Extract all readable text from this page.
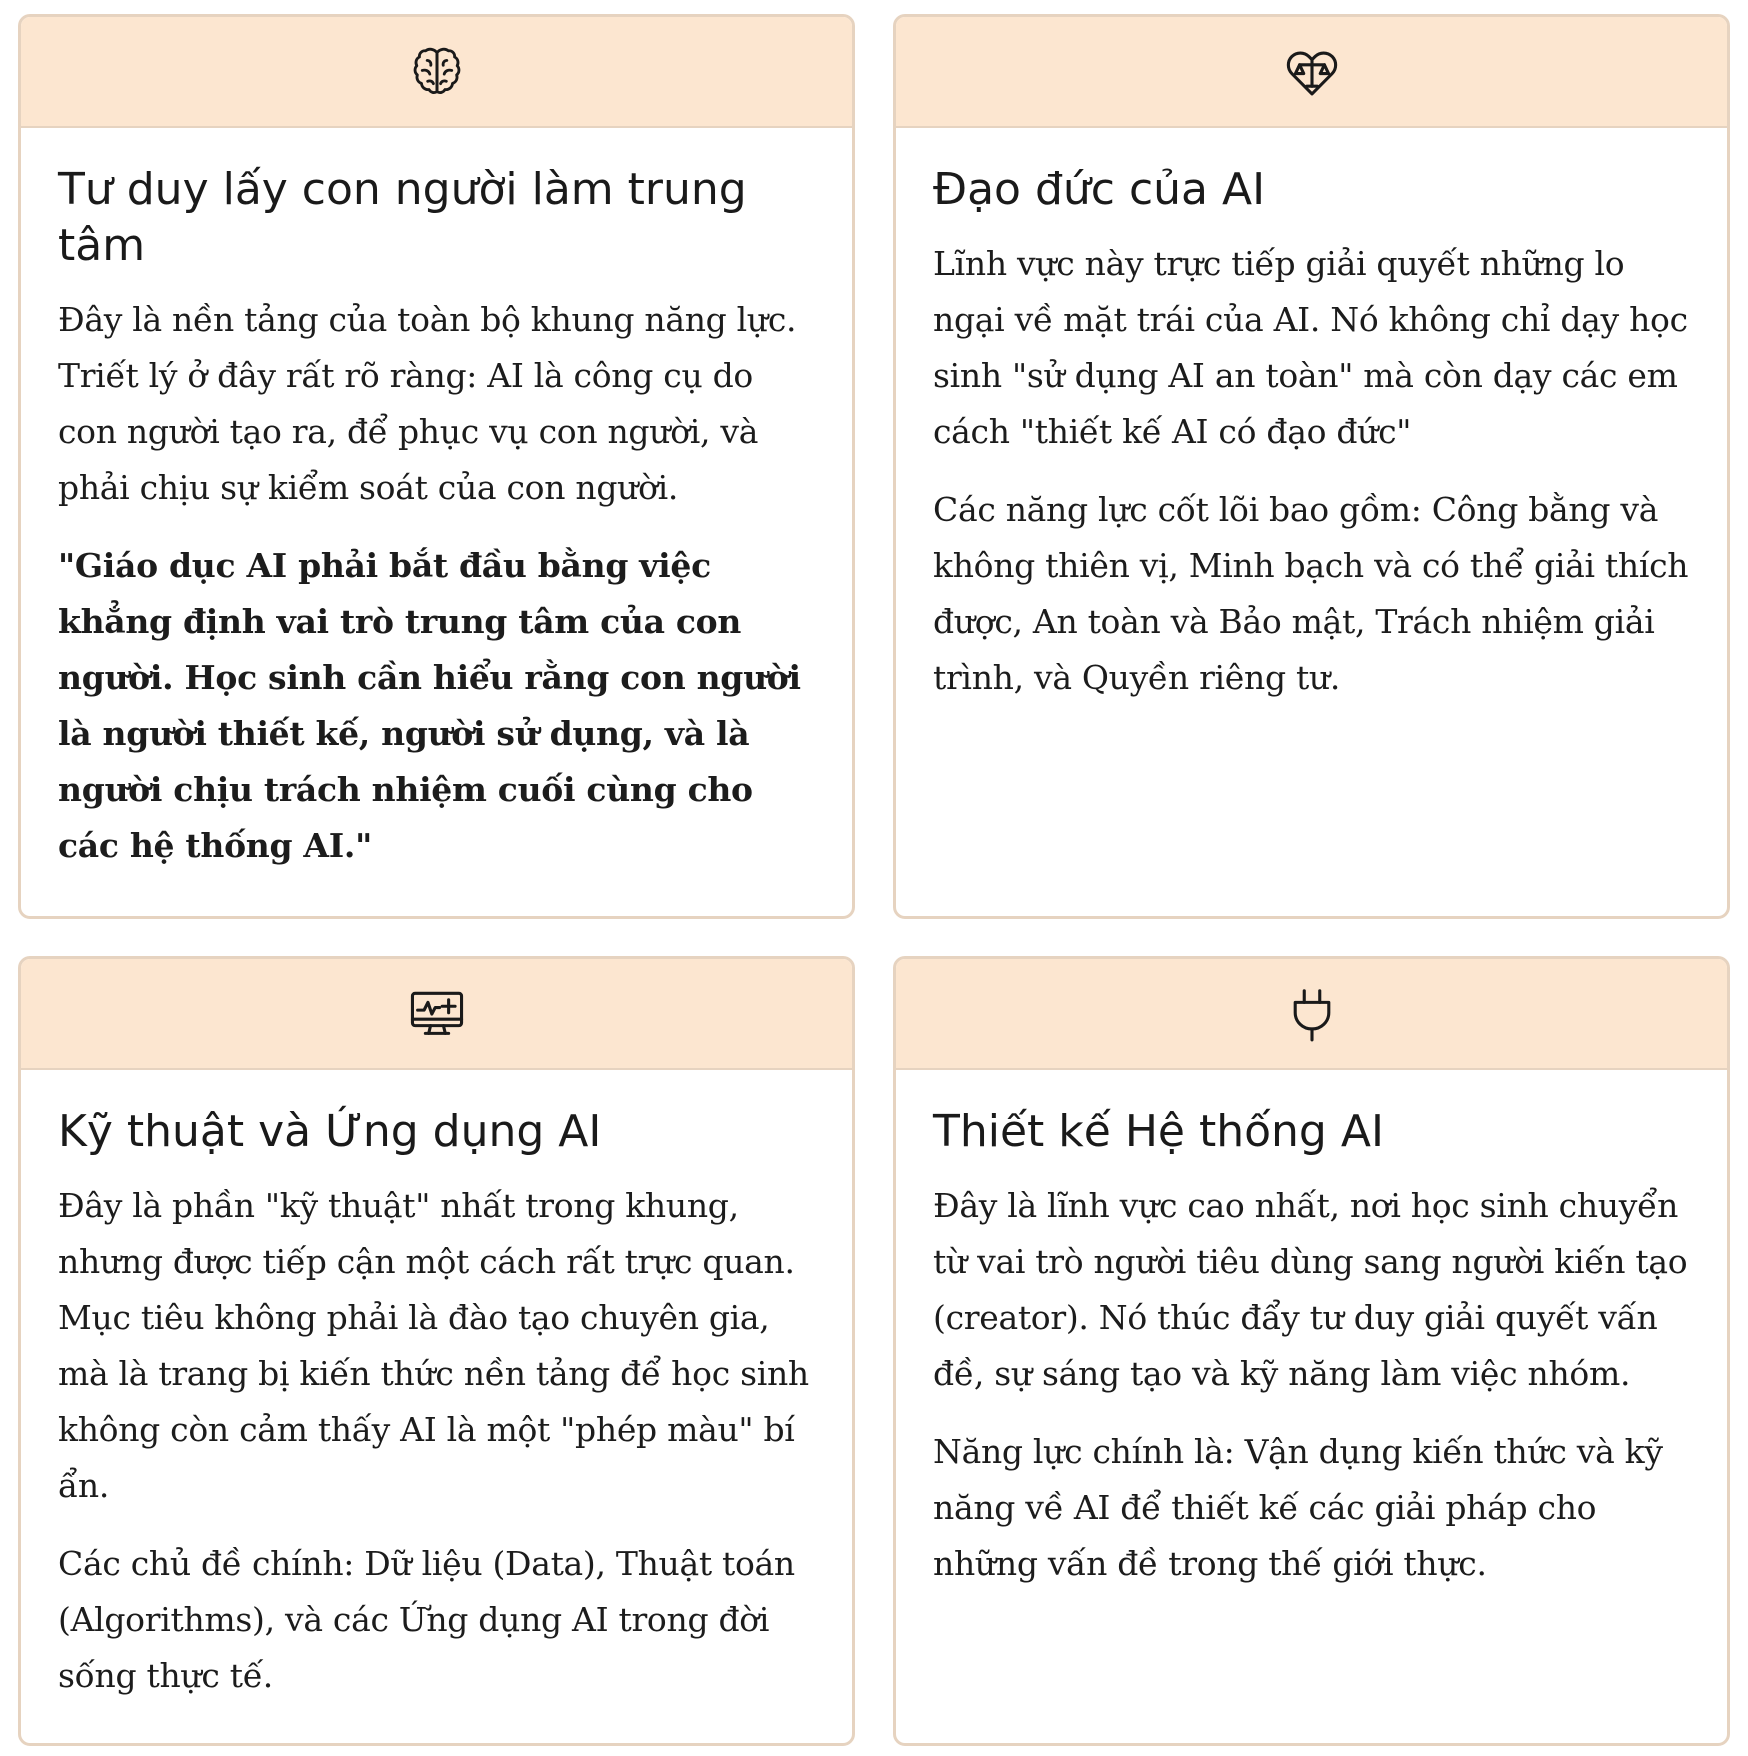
Tư duy lấy con người làm trung tâm

Đây là nền tảng của toàn bộ khung năng lực. Triết lý ở đây rất rõ ràng: AI là công cụ do con người tạo ra, để phục vụ con người, và phải chịu sự kiểm soát của con người.

"Giáo dục AI phải bắt đầu bằng việc khẳng định vai trò trung tâm của con người. Học sinh cần hiểu rằng con người là người thiết kế, người sử dụng, và là người chịu trách nhiệm cuối cùng cho các hệ thống AI."

Đạo đức của AI

Lĩnh vực này trực tiếp giải quyết những lo ngại về mặt trái của AI. Nó không chỉ dạy học sinh "sử dụng AI an toàn" mà còn dạy các em cách "thiết kế AI có đạo đức"

Các năng lực cốt lõi bao gồm: Công bằng và không thiên vị, Minh bạch và có thể giải thích được, An toàn và Bảo mật, Trách nhiệm giải trình, và Quyền riêng tư.

Kỹ thuật và Ứng dụng AI

Đây là phần "kỹ thuật" nhất trong khung, nhưng được tiếp cận một cách rất trực quan. Mục tiêu không phải là đào tạo chuyên gia, mà là trang bị kiến thức nền tảng để học sinh không còn cảm thấy AI là một "phép màu" bí ẩn.

Các chủ đề chính: Dữ liệu (Data), Thuật toán (Algorithms), và các Ứng dụng AI trong đời sống thực tế.

Thiết kế Hệ thống AI

Đây là lĩnh vực cao nhất, nơi học sinh chuyển từ vai trò người tiêu dùng sang người kiến tạo (creator). Nó thúc đẩy tư duy giải quyết vấn đề, sự sáng tạo và kỹ năng làm việc nhóm.

Năng lực chính là: Vận dụng kiến thức và kỹ năng về AI để thiết kế các giải pháp cho những vấn đề trong thế giới thực.
